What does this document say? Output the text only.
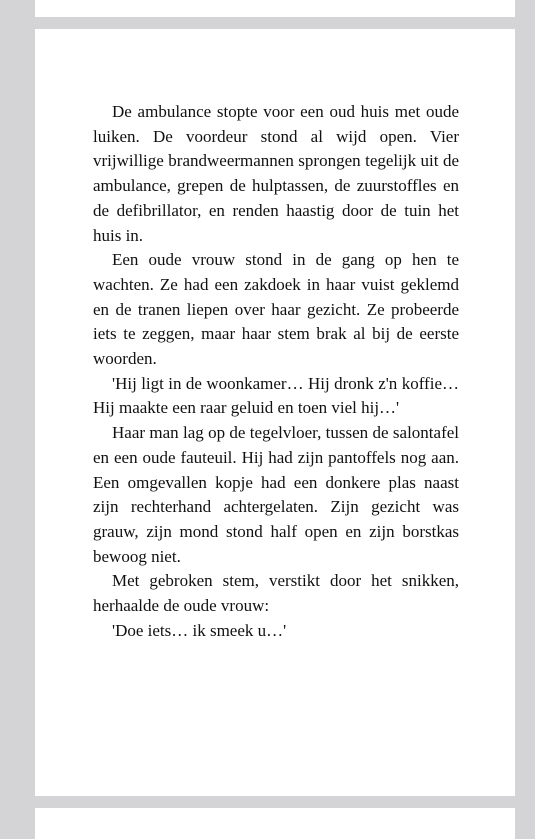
De ambulance stopte voor een oud huis met oude luiken. De voordeur stond al wijd open. Vier vrijwillige brandweermannen sprongen tegelijk uit de ambulance, grepen de hulptassen, de zuurstoffles en de defibrillator, en renden haastig door de tuin het huis in.

Een oude vrouw stond in de gang op hen te wachten. Ze had een zakdoek in haar vuist geklemd en de tranen liepen over haar gezicht. Ze probeerde iets te zeggen, maar haar stem brak al bij de eerste woorden.

'Hij ligt in de woonkamer… Hij dronk z'n koffie… Hij maakte een raar geluid en toen viel hij…'

Haar man lag op de tegelvloer, tussen de salontafel en een oude fauteuil. Hij had zijn pantoffels nog aan. Een omgevallen kopje had een donkere plas naast zijn rechterhand achtergelaten. Zijn gezicht was grauw, zijn mond stond half open en zijn borstkas bewoog niet.

Met gebroken stem, verstikt door het snikken, herhaalde de oude vrouw:

'Doe iets… ik smeek u…'
